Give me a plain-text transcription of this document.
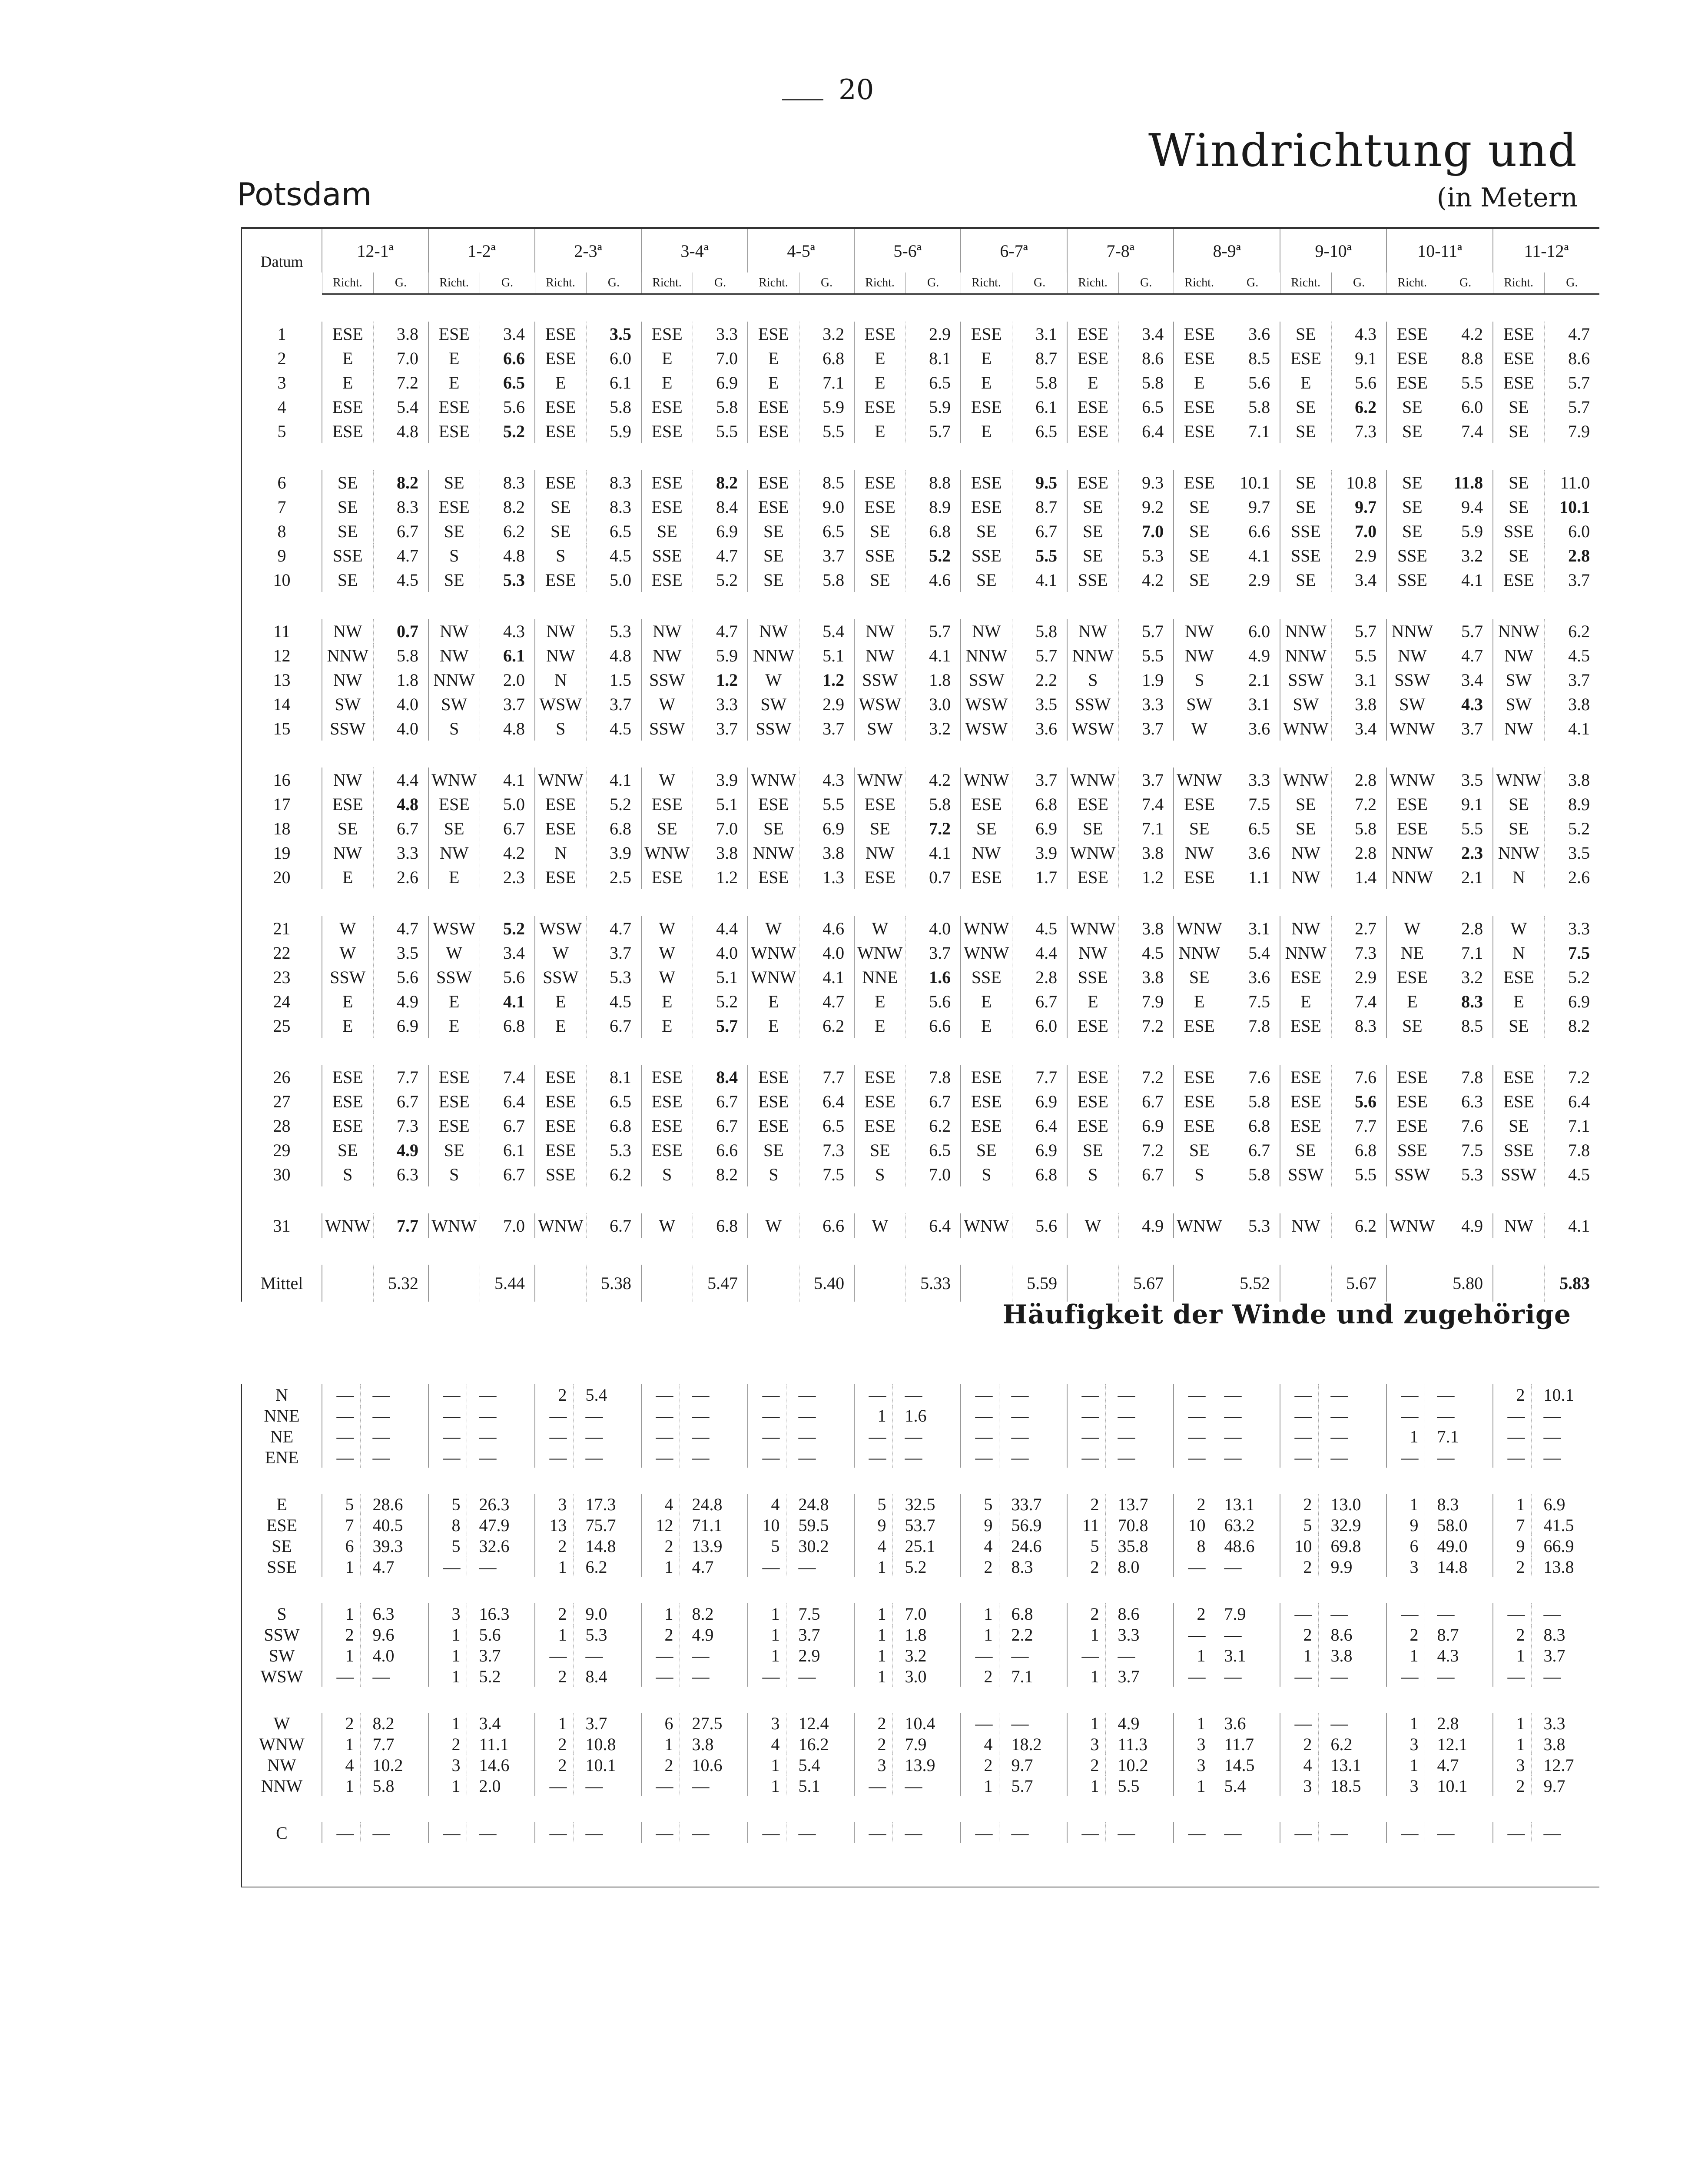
20
Windrichtung und
(in Metern
Potsdam
Datum	12-1ª		1-2ª		2-3ª		3-4ª		4-5ª		5-6ª		6-7ª		7-8ª		8-9ª		9-10ª		10-11ª		11-12ª	
	Richt.	G.	Richt.	G.	Richt.	G.	Richt.	G.	Richt.	G.	Richt.	G.	Richt.	G.	Richt.	G.	Richt.	G.	Richt.	G.	Richt.	G.	Richt.	G.

1	ESE	3.8	ESE	3.4	ESE	3.5	ESE	3.3	ESE	3.2	ESE	2.9	ESE	3.1	ESE	3.4	ESE	3.6	SE	4.3	ESE	4.2	ESE	4.7
2	E	7.0	E	6.6	ESE	6.0	E	7.0	E	6.8	E	8.1	E	8.7	ESE	8.6	ESE	8.5	ESE	9.1	ESE	8.8	ESE	8.6
3	E	7.2	E	6.5	E	6.1	E	6.9	E	7.1	E	6.5	E	5.8	E	5.8	E	5.6	E	5.6	ESE	5.5	ESE	5.7
4	ESE	5.4	ESE	5.6	ESE	5.8	ESE	5.8	ESE	5.9	ESE	5.9	ESE	6.1	ESE	6.5	ESE	5.8	SE	6.2	SE	6.0	SE	5.7
5	ESE	4.8	ESE	5.2	ESE	5.9	ESE	5.5	ESE	5.5	E	5.7	E	6.5	ESE	6.4	ESE	7.1	SE	7.3	SE	7.4	SE	7.9

6	SE	8.2	SE	8.3	ESE	8.3	ESE	8.2	ESE	8.5	ESE	8.8	ESE	9.5	ESE	9.3	ESE	10.1	SE	10.8	SE	11.8	SE	11.0
7	SE	8.3	ESE	8.2	SE	8.3	ESE	8.4	ESE	9.0	ESE	8.9	ESE	8.7	SE	9.2	SE	9.7	SE	9.7	SE	9.4	SE	10.1
8	SE	6.7	SE	6.2	SE	6.5	SE	6.9	SE	6.5	SE	6.8	SE	6.7	SE	7.0	SE	6.6	SSE	7.0	SE	5.9	SSE	6.0
9	SSE	4.7	S	4.8	S	4.5	SSE	4.7	SE	3.7	SSE	5.2	SSE	5.5	SE	5.3	SE	4.1	SSE	2.9	SSE	3.2	SE	2.8
10	SE	4.5	SE	5.3	ESE	5.0	ESE	5.2	SE	5.8	SE	4.6	SE	4.1	SSE	4.2	SE	2.9	SE	3.4	SSE	4.1	ESE	3.7

11	NW	0.7	NW	4.3	NW	5.3	NW	4.7	NW	5.4	NW	5.7	NW	5.8	NW	5.7	NW	6.0	NNW	5.7	NNW	5.7	NNW	6.2
12	NNW	5.8	NW	6.1	NW	4.8	NW	5.9	NNW	5.1	NW	4.1	NNW	5.7	NNW	5.5	NW	4.9	NNW	5.5	NW	4.7	NW	4.5
13	NW	1.8	NNW	2.0	N	1.5	SSW	1.2	W	1.2	SSW	1.8	SSW	2.2	S	1.9	S	2.1	SSW	3.1	SSW	3.4	SW	3.7
14	SW	4.0	SW	3.7	WSW	3.7	W	3.3	SW	2.9	WSW	3.0	WSW	3.5	SSW	3.3	SW	3.1	SW	3.8	SW	4.3	SW	3.8
15	SSW	4.0	S	4.8	S	4.5	SSW	3.7	SSW	3.7	SW	3.2	WSW	3.6	WSW	3.7	W	3.6	WNW	3.4	WNW	3.7	NW	4.1

16	NW	4.4	WNW	4.1	WNW	4.1	W	3.9	WNW	4.3	WNW	4.2	WNW	3.7	WNW	3.7	WNW	3.3	WNW	2.8	WNW	3.5	WNW	3.8
17	ESE	4.8	ESE	5.0	ESE	5.2	ESE	5.1	ESE	5.5	ESE	5.8	ESE	6.8	ESE	7.4	ESE	7.5	SE	7.2	ESE	9.1	SE	8.9
18	SE	6.7	SE	6.7	ESE	6.8	SE	7.0	SE	6.9	SE	7.2	SE	6.9	SE	7.1	SE	6.5	SE	5.8	ESE	5.5	SE	5.2
19	NW	3.3	NW	4.2	N	3.9	WNW	3.8	NNW	3.8	NW	4.1	NW	3.9	WNW	3.8	NW	3.6	NW	2.8	NNW	2.3	NNW	3.5
20	E	2.6	E	2.3	ESE	2.5	ESE	1.2	ESE	1.3	ESE	0.7	ESE	1.7	ESE	1.2	ESE	1.1	NW	1.4	NNW	2.1	N	2.6

21	W	4.7	WSW	5.2	WSW	4.7	W	4.4	W	4.6	W	4.0	WNW	4.5	WNW	3.8	WNW	3.1	NW	2.7	W	2.8	W	3.3
22	W	3.5	W	3.4	W	3.7	W	4.0	WNW	4.0	WNW	3.7	WNW	4.4	NW	4.5	NNW	5.4	NNW	7.3	NE	7.1	N	7.5
23	SSW	5.6	SSW	5.6	SSW	5.3	W	5.1	WNW	4.1	NNE	1.6	SSE	2.8	SSE	3.8	SE	3.6	ESE	2.9	ESE	3.2	ESE	5.2
24	E	4.9	E	4.1	E	4.5	E	5.2	E	4.7	E	5.6	E	6.7	E	7.9	E	7.5	E	7.4	E	8.3	E	6.9
25	E	6.9	E	6.8	E	6.7	E	5.7	E	6.2	E	6.6	E	6.0	ESE	7.2	ESE	7.8	ESE	8.3	SE	8.5	SE	8.2

26	ESE	7.7	ESE	7.4	ESE	8.1	ESE	8.4	ESE	7.7	ESE	7.8	ESE	7.7	ESE	7.2	ESE	7.6	ESE	7.6	ESE	7.8	ESE	7.2
27	ESE	6.7	ESE	6.4	ESE	6.5	ESE	6.7	ESE	6.4	ESE	6.7	ESE	6.9	ESE	6.7	ESE	5.8	ESE	5.6	ESE	6.3	ESE	6.4
28	ESE	7.3	ESE	6.7	ESE	6.8	ESE	6.7	ESE	6.5	ESE	6.2	ESE	6.4	ESE	6.9	ESE	6.8	ESE	7.7	ESE	7.6	SE	7.1
29	SE	4.9	SE	6.1	ESE	5.3	ESE	6.6	SE	7.3	SE	6.5	SE	6.9	SE	7.2	SE	6.7	SE	6.8	SSE	7.5	SSE	7.8
30	S	6.3	S	6.7	SSE	6.2	S	8.2	S	7.5	S	7.0	S	6.8	S	6.7	S	5.8	SSW	5.5	SSW	5.3	SSW	4.5

31	WNW	7.7	WNW	7.0	WNW	6.7	W	6.8	W	6.6	W	6.4	WNW	5.6	W	4.9	WNW	5.3	NW	6.2	WNW	4.9	NW	4.1

Mittel		5.32		5.44		5.38		5.47		5.40		5.33		5.59		5.67		5.52		5.67		5.80		5.83
Häufigkeit der Winde und zugehörige
N	—	—	—	—	2	5.4	—	—	—	—	—	—	—	—	—	—	—	—	—	—	—	—	2	10.1
NNE	—	—	—	—	—	—	—	—	—	—	1	1.6	—	—	—	—	—	—	—	—	—	—	—	—
NE	—	—	—	—	—	—	—	—	—	—	—	—	—	—	—	—	—	—	—	—	1	7.1	—	—
ENE	—	—	—	—	—	—	—	—	—	—	—	—	—	—	—	—	—	—	—	—	—	—	—	—

E	5	28.6	5	26.3	3	17.3	4	24.8	4	24.8	5	32.5	5	33.7	2	13.7	2	13.1	2	13.0	1	8.3	1	6.9
ESE	7	40.5	8	47.9	13	75.7	12	71.1	10	59.5	9	53.7	9	56.9	11	70.8	10	63.2	5	32.9	9	58.0	7	41.5
SE	6	39.3	5	32.6	2	14.8	2	13.9	5	30.2	4	25.1	4	24.6	5	35.8	8	48.6	10	69.8	6	49.0	9	66.9
SSE	1	4.7	—	—	1	6.2	1	4.7	—	—	1	5.2	2	8.3	2	8.0	—	—	2	9.9	3	14.8	2	13.8

S	1	6.3	3	16.3	2	9.0	1	8.2	1	7.5	1	7.0	1	6.8	2	8.6	2	7.9	—	—	—	—	—	—
SSW	2	9.6	1	5.6	1	5.3	2	4.9	1	3.7	1	1.8	1	2.2	1	3.3	—	—	2	8.6	2	8.7	2	8.3
SW	1	4.0	1	3.7	—	—	—	—	1	2.9	1	3.2	—	—	—	—	1	3.1	1	3.8	1	4.3	1	3.7
WSW	—	—	1	5.2	2	8.4	—	—	—	—	1	3.0	2	7.1	1	3.7	—	—	—	—	—	—	—	—

W	2	8.2	1	3.4	1	3.7	6	27.5	3	12.4	2	10.4	—	—	1	4.9	1	3.6	—	—	1	2.8	1	3.3
WNW	1	7.7	2	11.1	2	10.8	1	3.8	4	16.2	2	7.9	4	18.2	3	11.3	3	11.7	2	6.2	3	12.1	1	3.8
NW	4	10.2	3	14.6	2	10.1	2	10.6	1	5.4	3	13.9	2	9.7	2	10.2	3	14.5	4	13.1	1	4.7	3	12.7
NNW	1	5.8	1	2.0	—	—	—	—	1	5.1	—	—	1	5.7	1	5.5	1	5.4	3	18.5	3	10.1	2	9.7

C	—	—	—	—	—	—	—	—	—	—	—	—	—	—	—	—	—	—	—	—	—	—	—	—
